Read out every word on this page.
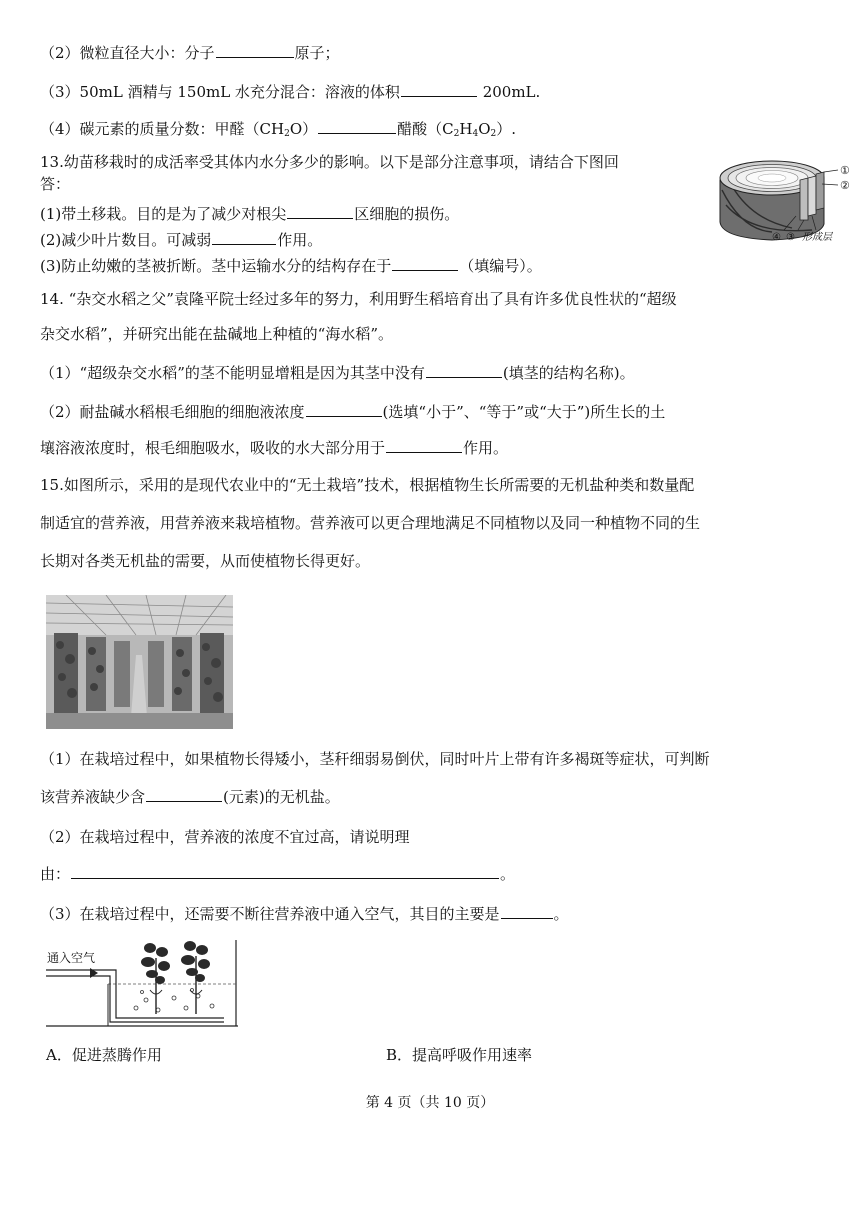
（2）微粒直径大小：分子	原子；
（3）50mL 酒精与 150mL 水充分混合：溶液的体积	200mL.
（4）碳元素的质量分数：甲醛$(CH_2O)$	醋酸$(C_2H_4O_2)$.
13.幼苗移栽时的成活率受其体内水分多少的影响。以下是部分注意事项，请结合下图回
答：
(1)带土移栽。目的是为了减少对根尖	区细胞的损伤。
(2)减少叶片数目。可减弱	作用。
(3)防止幼嫩的茎被折断。茎中运输水分的结构存在于	（填编号）。
①
②
④ ③ 形成层
14. “杂交水稻之父”袁隆平院士经过多年的努力，利用野生稻培育出了具有许多优良性状的“超级
杂交水稻”，并研究出能在盐碱地上种植的“海水稻”。
（1）“超级杂交水稻”的茎不能明显增粗是因为其茎中没有	(填茎的结构名称)。
（2）耐盐碱水稻根毛细胞的细胞液浓度	(选填“小于”、“等于”或“大于”)所生长的土
壤溶液浓度时，根毛细胞吸水，吸收的水大部分用于	作用。
15.如图所示，采用的是现代农业中的“无土栽培”技术，根据植物生长所需要的无机盐种类和数量配
制适宜的营养液，用营养液来栽培植物。营养液可以更合理地满足不同植物以及同一种植物不同的生
长期对各类无机盐的需要，从而使植物长得更好。
（1）在栽培过程中，如果植物长得矮小，茎秆细弱易倒伏，同时叶片上带有许多褐斑等症状，可判断
该营养液缺少含	(元素)的无机盐。
（2）在栽培过程中，营养液的浓度不宜过高，请说明理
由：	。
（3）在栽培过程中，还需要不断往营养液中通入空气，其目的主要是	。
通入空气
A．促进蒸腾作用	B．提高呼吸作用速率
第 4 页（共 10 页）
